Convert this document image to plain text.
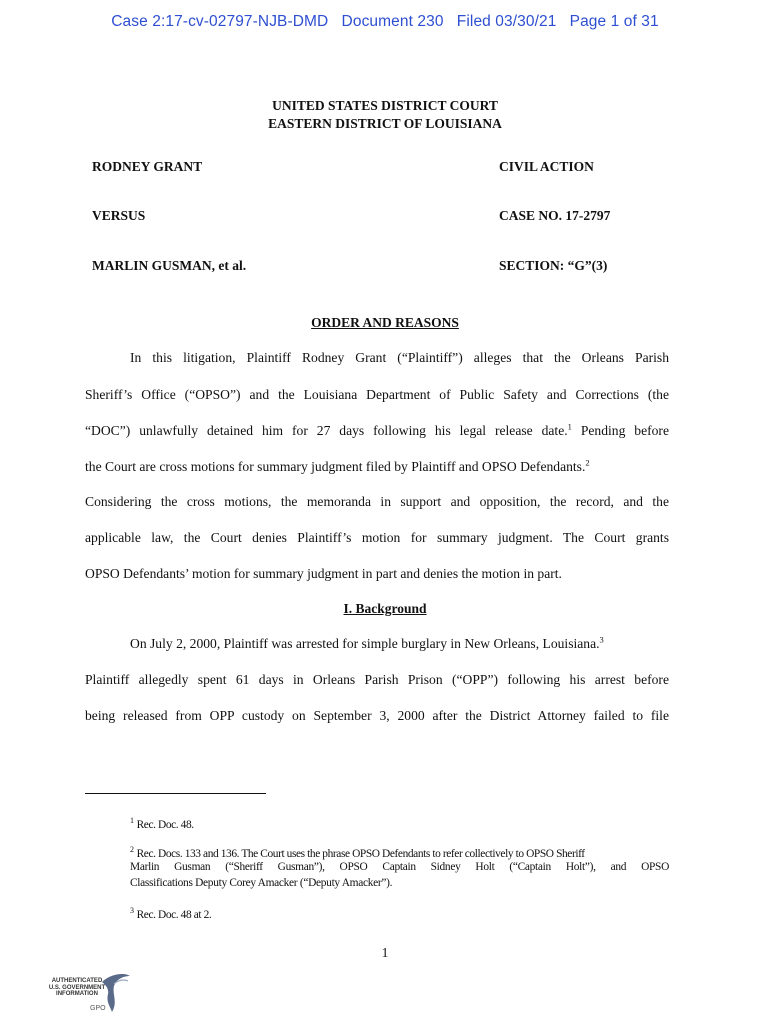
Case 2:17-cv-02797-NJB-DMD   Document 230   Filed 03/30/21   Page 1 of 31
UNITED STATES DISTRICT COURT
EASTERN DISTRICT OF LOUISIANA
RODNEY GRANT	CIVIL ACTION
VERSUS	CASE NO. 17-2797
MARLIN GUSMAN, et al.	SECTION: “G”(3)
ORDER AND REASONS
In this litigation, Plaintiff Rodney Grant (“Plaintiff”) alleges that the Orleans Parish
Sheriff’s Office (“OPSO”) and the Louisiana Department of Public Safety and Corrections (the
“DOC”) unlawfully detained him for 27 days following his legal release date.$^1$ Pending before
the Court are cross motions for summary judgment filed by Plaintiff and OPSO Defendants.$^2$
Considering the cross motions, the memoranda in support and opposition, the record, and the
applicable law, the Court denies Plaintiff’s motion for summary judgment. The Court grants
OPSO Defendants’ motion for summary judgment in part and denies the motion in part.
I. Background
On July 2, 2000, Plaintiff was arrested for simple burglary in New Orleans, Louisiana.$^3$
Plaintiff allegedly spent 61 days in Orleans Parish Prison (“OPP”) following his arrest before
being released from OPP custody on September 3, 2000 after the District Attorney failed to file
$^1$ Rec. Doc. 48.
$^2$ Rec. Docs. 133 and 136. The Court uses the phrase OPSO Defendants to refer collectively to OPSO Sheriff
Marlin Gusman (“Sheriff Gusman”), OPSO Captain Sidney Holt (“Captain Holt”), and OPSO
Classifications Deputy Corey Amacker (“Deputy Amacker”).
$^3$ Rec. Doc. 48 at 2.
1
AUTHENTICATED
U.S. GOVERNMENT
INFORMATION
GPO
